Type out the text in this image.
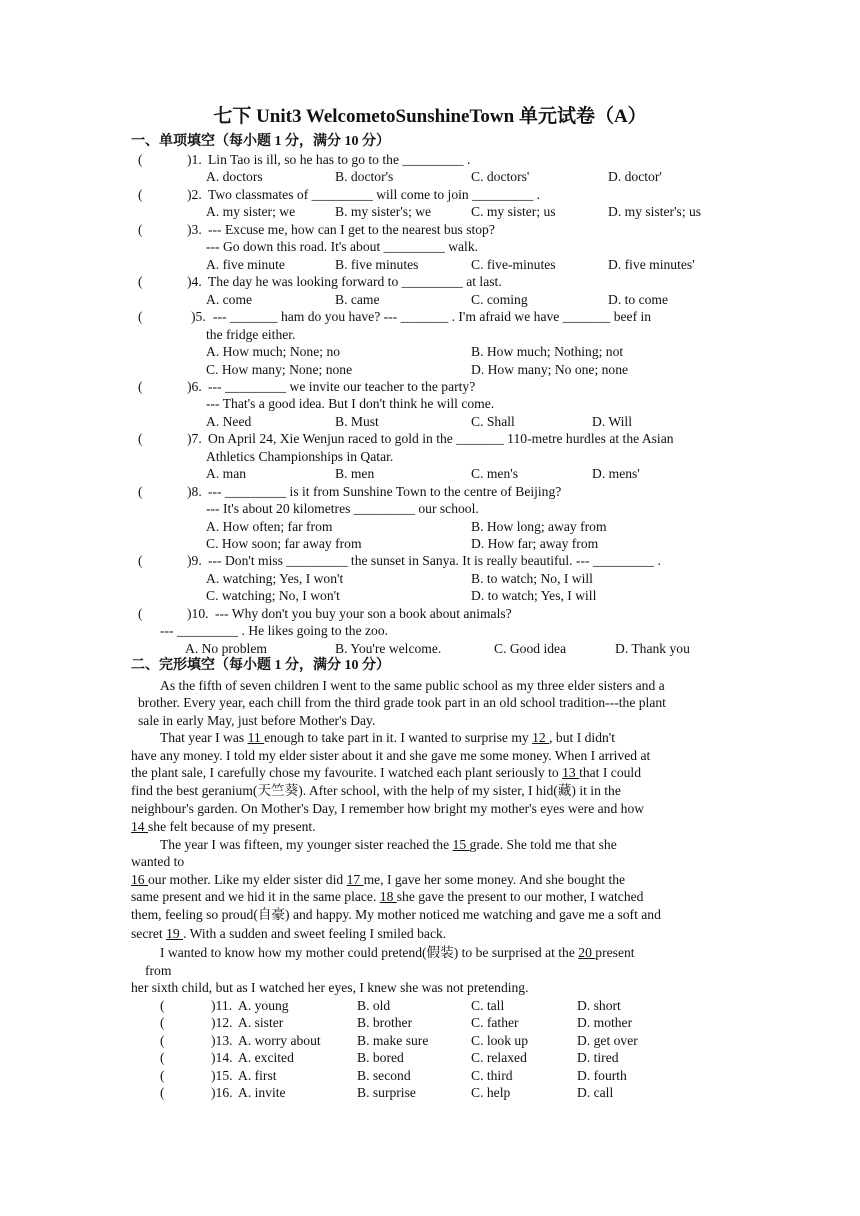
七下 Unit3 WelcometoSunshineTown 单元试卷（A）
一、单项填空（每小题 1 分，满分 10 分）
(	)1. Lin Tao is ill, so he has to go to the _________ .
A. doctors	B. doctor's	C. doctors'	D. doctor'
(	)2. Two classmates of _________ will come to join _________ .
A. my sister; we	B. my sister's; we	C. my sister; us	D. my sister's; us
(	)3. --- Excuse me, how can I get to the nearest bus stop?
--- Go down this road. It's about _________ walk.
A. five minute	B. five minutes	C. five-minutes	D. five minutes'
(	)4. The day he was looking forward to _________ at last.
A. come	B. came	C. coming	D. to come
(	)5. --- _______ ham do you have? --- _______ . I'm afraid we have _______ beef in
the fridge either.
A. How much; None; no	B. How much; Nothing; not
C. How many; None; none	D. How many; No one; none
(	)6. --- _________ we invite our teacher to the party?
--- That's a good idea. But I don't think he will come.
A. Need	B. Must	C. Shall	D. Will
(	)7. On April 24, Xie Wenjun raced to gold in the _______ 110-metre hurdles at the Asian
Athletics Championships in Qatar.
A. man	B. men	C. men's	D. mens'
(	)8. --- _________ is it from Sunshine Town to the centre of Beijing?
--- It's about 20 kilometres _________ our school.
A. How often; far from	B. How long; away from
C. How soon; far away from	D. How far; away from
(	)9. --- Don't miss _________ the sunset in Sanya. It is really beautiful. --- _________ .
A. watching; Yes, I won't	B. to watch; No, I will
C. watching; No, I won't	D. to watch; Yes, I will
(	)10. --- Why don't you buy your son a book about animals?
--- _________ . He likes going to the zoo.
A. No problem	B. You're welcome.	C. Good idea	D. Thank you
二、完形填空（每小题 1 分，满分 10 分）
As the fifth of seven children I went to the same public school as my three elder sisters and a
brother. Every year, each chill from the third grade took part in an old school tradition---the plant
sale in early May, just before Mother's Day.
That year I was 11 enough to take part in it. I wanted to surprise my 12 , but I didn't
have any money. I told my elder sister about it and she gave me some money. When I arrived at
the plant sale, I carefully chose my favourite. I watched each plant seriously to 13 that I could
find the best geranium(天竺葵). After school, with the help of my sister, I hid(藏) it in the
neighbour's garden. On Mother's Day, I remember how bright my mother's eyes were and how
14 she felt because of my present.
The year I was fifteen, my younger sister reached the 15 grade. She told me that she
wanted to
16 our mother. Like my elder sister did 17 me, I gave her some money. And she bought the
same present and we hid it in the same place. 18 she gave the present to our mother, I watched
them, feeling so proud(自豪) and happy. My mother noticed me watching and gave me a soft and
secret 19 . With a sudden and sweet feeling I smiled back.
I wanted to know how my mother could pretend(假装) to be surprised at the 20 present
from
her sixth child, but as I watched her eyes, I knew she was not pretending.
(	)11. A. young	B. old	C. tall	D. short
(	)12. A. sister	B. brother	C. father	D. mother
(	)13. A. worry about	B. make sure	C. look up	D. get over
(	)14. A. excited	B. bored	C. relaxed	D. tired
(	)15. A. first	B. second	C. third	D. fourth
(	)16. A. invite	B. surprise	C. help	D. call
